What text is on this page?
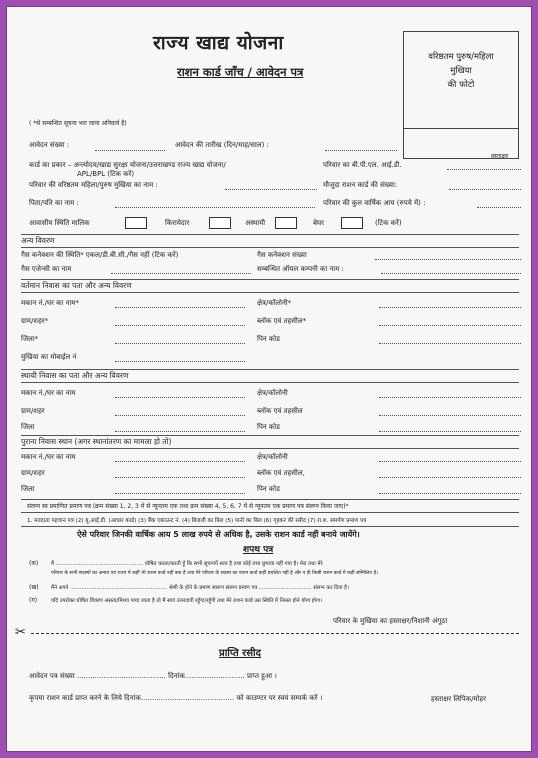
राज्य खाद्य योजना
राशन कार्ड जाँच / आवेदन पत्र
( *से सम्बन्धित सूचना भरा जाना अनिवार्य है)
वरिष्ठतम पुरुष/महिला
मुखिया
की फोटो
हस्ताक्षर
आवेदन संख्या :	आवेदन की तारीख (दिन/माह/साल) :
कार्ड का प्रकार – अन्त्योदय/खाद्य सुरक्षा योजना/उत्तराखण्ड राज्य खाद्य योजना/
APL/BPL (टिक करें)
परिवार का बी.पी.एल. आई.डी.
परिवार की वरिष्ठतम महिला/पुरुष मुखिया का नाम :	मौजूदा राशन कार्ड की संख्या:
पिता/पति का नाम :	परिवार की कुल वार्षिक आय (रुपये में) :
आवासीय स्थिति मालिक	किरायेदार	अस्थायी	बेघर	(टिक करें)
अन्य विवरण
गैस कनेक्शन की स्थिति* एकल/डी.बी.सी./गैस नहीं (टिक करें)	गैस कनेक्शन संख्या
गैस एजेन्सी का नाम	सम्बन्धित ऑयल कम्पनी का नाम :
वर्तमान निवास का पता और अन्य विवरण
मकान नं./घर का नाम*	क्षेत्र/कॉलोनी*
ग्राम/शहर*	ब्लॉक एवं तहसील*
जिला*	पिन कोड
मुखिया का मोबाईल नं
स्थायी निवास का पता और अन्य विवरण
मकान नं./घर का नाम	क्षेत्र/कॉलोनी
ग्राम/शहर	ब्लॉक एवं तहसील
जिला	पिन कोड
पुराना निवास स्थान (अगर स्थानांतरण का मामला हो तो)
मकान नं./घर का नाम	क्षेत्र/कॉलोनी
ग्राम/शहर	ब्लॉक एवं तहसील,
जिला	पिन कोड
संलग्न स्व प्रमाणित प्रमाण पत्र (क्रम संख्या 1, 2, 3 में से न्यूनतम एक तथा क्रम संख्या 4, 5, 6, 7 में से न्यूनतम एक प्रमाण पत्र संलग्न किया जाए)*
1. मतदाता पहचान पत्र (2) यू.आई.डी. (आधार कार्ड) (3) बैंक एकाउन्ट नं. (4) बिजली का बिल (5) पानी का बिल (6) गृहकर की रसीद (7) रा.श. समर्पण प्रमाण पत्र
ऐसे परिवार जिनकी वार्षिक आय 5 लाख रुपये से अधिक है, उसके राशन कार्ड नहीं बनाये जायेंगे।
शपथ पत्र
(क) मैं ..................................................... घोषित करता/करती हूँ कि सभी सूचनायें सत्य है तथा कोई तथ्य छुपाया नहीं गया है। मेरा तथा मेरे
परिवार के सभी सदस्यों का अन्यत्र एवं राज्य में कहीं भी राशन कार्ड नहीं बना है तथा मेरे परिवार के सदस्य का राशन कार्ड कहीं प्रचलित नहीं है और न ही किसी राशन कार्ड में कहीं सम्मिलित है।
(ख) मैंने अपने ........................................................... श्रेणी के होने के प्रमाण स्वरूप संलग्न प्रमाण पत्र ................................ संलग्न कर दिया है।
(ग)	यदि उपरोक्त घोषित विवरण असत्य/मिथ्या पाया जाता है तो मैं स्वयं उत्तरदायी रहूँगा/रहूँगी तथा मेरे राशन कार्ड उस स्थिति में निरस्त होने योग्य होगा।
परिवार के मुखिया का हस्ताक्षर/निशानी अंगूठा
✂
प्राप्ति रसीद
आवेदन पत्र संख्या ........................................ दिनांक........................... प्राप्त हुआ ।
कृपया राशन कार्ड प्राप्त करने के लिये दिनांक.......................................... को काउण्टर पर स्वयं सम्पर्क करें ।	हस्ताक्षर लिपिक/मोहर
